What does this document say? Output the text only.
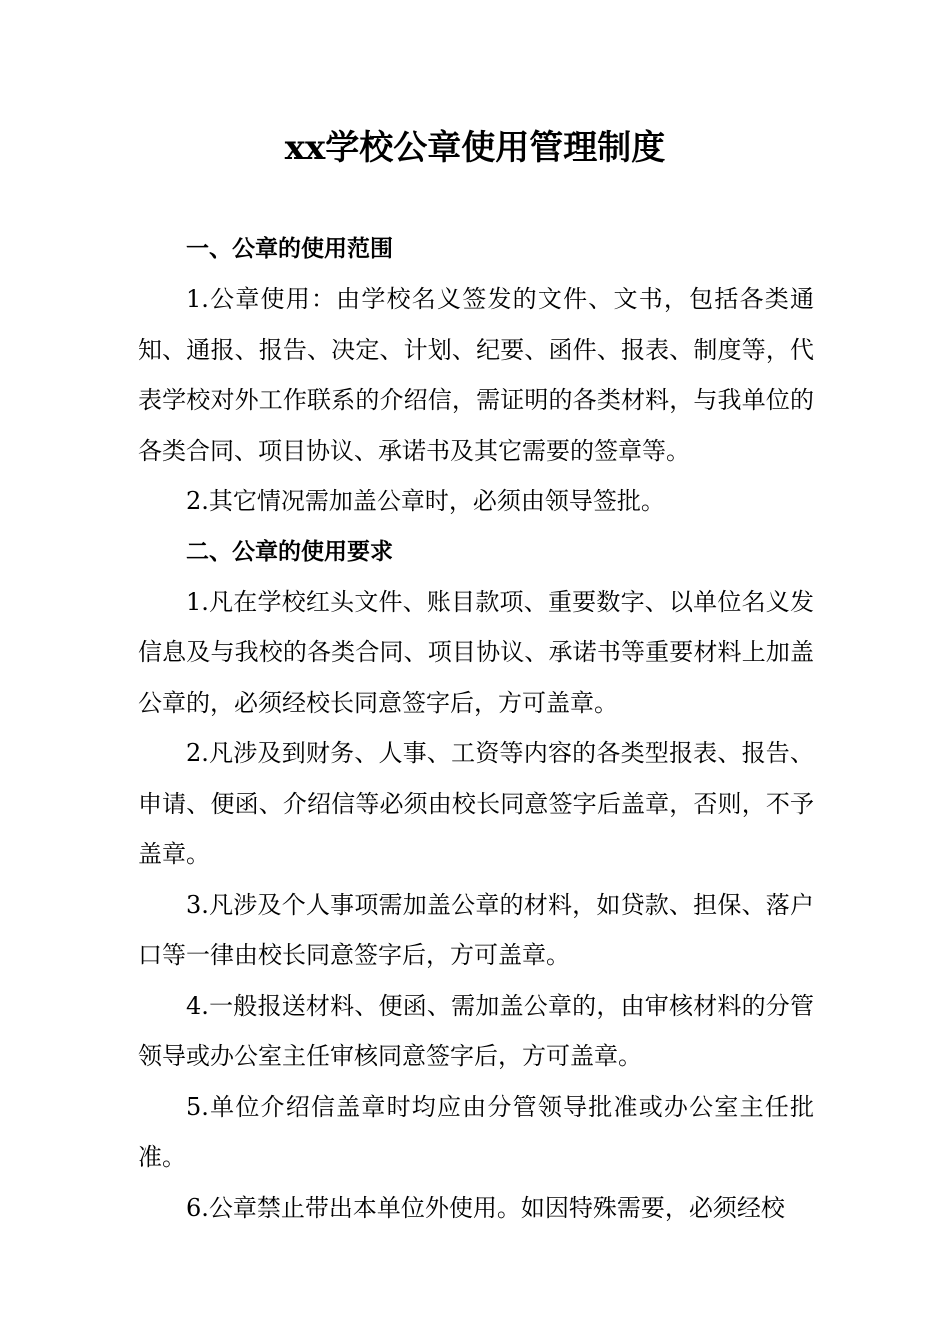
xx学校公章使用管理制度

一、公章的使用范围

1.公章使用：由学校名义签发的文件、文书，包括各类通知、通报、报告、决定、计划、纪要、函件、报表、制度等，代表学校对外工作联系的介绍信，需证明的各类材料，与我单位的各类合同、项目协议、承诺书及其它需要的签章等。

2.其它情况需加盖公章时，必须由领导签批。

二、公章的使用要求

1.凡在学校红头文件、账目款项、重要数字、以单位名义发信息及与我校的各类合同、项目协议、承诺书等重要材料上加盖公章的，必须经校长同意签字后，方可盖章。

2.凡涉及到财务、人事、工资等内容的各类型报表、报告、申请、便函、介绍信等必须由校长同意签字后盖章，否则，不予盖章。

3.凡涉及个人事项需加盖公章的材料，如贷款、担保、落户口等一律由校长同意签字后，方可盖章。

4.一般报送材料、便函、需加盖公章的，由审核材料的分管领导或办公室主任审核同意签字后，方可盖章。

5.单位介绍信盖章时均应由分管领导批准或办公室主任批准。

6.公章禁止带出本单位外使用。如因特殊需要，必须经校
